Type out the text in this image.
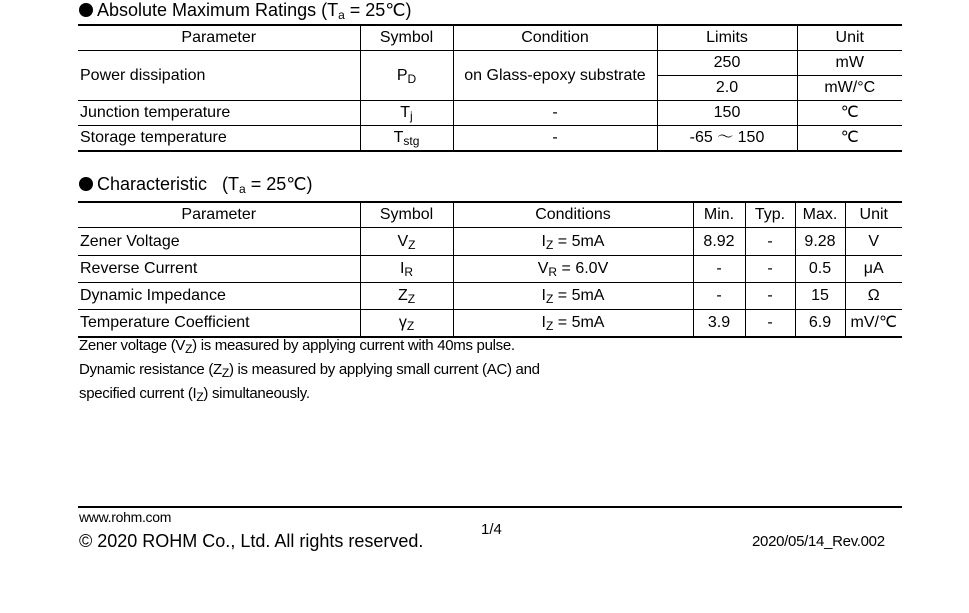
Absolute Maximum Ratings ($T_a$ = 25℃)
Parameter	Symbol	Condition	Limits	Unit
Power dissipation	$P_D$	on Glass-epoxy substrate	250	mW
			2.0	mW/°C
Junction temperature	$T_j$	-	150	℃
Storage temperature	$T_{stg}$	-	-65 ～ 150	℃
Characteristic   ($T_a$ = 25℃)
Parameter	Symbol	Conditions	Min.	Typ.	Max.	Unit
Zener Voltage	$V_Z$	$I_Z = 5mA$	8.92	-	9.28	V
Reverse Current	$I_R$	$V_R = 6.0V$	-	-	0.5	μA
Dynamic Impedance	$Z_Z$	$I_Z = 5mA$	-	-	15	Ω
Temperature Coefficient	$\gamma_Z$	$I_Z = 5mA$	3.9	-	6.9	mV/℃
Zener voltage $(V_Z)$ is measured by applying current with 40ms pulse.
Dynamic resistance $(Z_Z)$ is measured by applying small current (AC) and
specified current $(I_Z)$ simultaneously.
www.rohm.com
© 2020 ROHM Co., Ltd. All rights reserved.
1/4
2020/05/14_Rev.002
